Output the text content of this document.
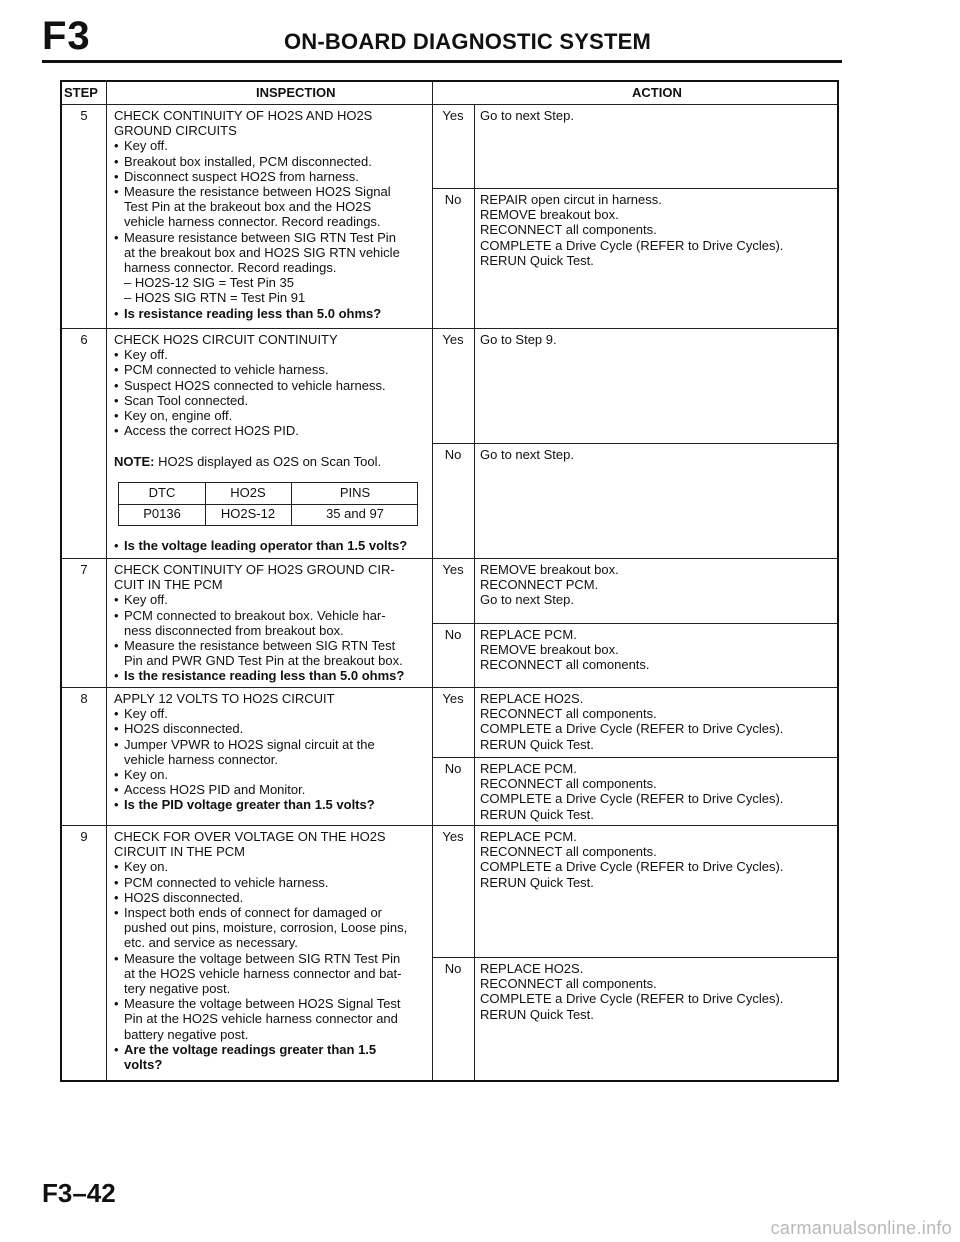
F3	ON-BOARD DIAGNOSTIC SYSTEM
STEP	INSPECTION	ACTION
5	CHECK CONTINUITY OF HO2S AND HO2S
GROUND CIRCUITS
• Key off.
• Breakout box installed, PCM disconnected.
• Disconnect suspect HO2S from harness.
• Measure the resistance between HO2S Signal
Test Pin at the brakeout box and the HO2S
vehicle harness connector. Record readings.
• Measure resistance between SIG RTN Test Pin
at the breakout box and HO2S SIG RTN vehicle
harness connector. Record readings.
– HO2S-12 SIG = Test Pin 35
– HO2S SIG RTN = Test Pin 91
• Is resistance reading less than 5.0 ohms?
Yes	Go to next Step.
No	REPAIR open circut in harness.
REMOVE breakout box.
RECONNECT all components.
COMPLETE a Drive Cycle (REFER to Drive Cycles).
RERUN Quick Test.
6	CHECK HO2S CIRCUIT CONTINUITY
• Key off.
• PCM connected to vehicle harness.
• Suspect HO2S connected to vehicle harness.
• Scan Tool connected.
• Key on, engine off.
• Access the correct HO2S PID.
NOTE: HO2S displayed as O2S on Scan Tool.
DTC	HO2S	PINS
P0136	HO2S-12	35 and 97
• Is the voltage leading operator than 1.5 volts?
Yes	Go to Step 9.
No	Go to next Step.
7	CHECK CONTINUITY OF HO2S GROUND CIR-
CUIT IN THE PCM
• Key off.
• PCM connected to breakout box. Vehicle har-
ness disconnected from breakout box.
• Measure the resistance between SIG RTN Test
Pin and PWR GND Test Pin at the breakout box.
• Is the resistance reading less than 5.0 ohms?
Yes	REMOVE breakout box.
RECONNECT PCM.
Go to next Step.
No	REPLACE PCM.
REMOVE breakout box.
RECONNECT all comonents.
8	APPLY 12 VOLTS TO HO2S CIRCUIT
• Key off.
• HO2S disconnected.
• Jumper VPWR to HO2S signal circuit at the
vehicle harness connector.
• Key on.
• Access HO2S PID and Monitor.
• Is the PID voltage greater than 1.5 volts?
Yes	REPLACE HO2S.
RECONNECT all components.
COMPLETE a Drive Cycle (REFER to Drive Cycles).
RERUN Quick Test.
No	REPLACE PCM.
RECONNECT all components.
COMPLETE a Drive Cycle (REFER to Drive Cycles).
RERUN Quick Test.
9	CHECK FOR OVER VOLTAGE ON THE HO2S
CIRCUIT IN THE PCM
• Key on.
• PCM connected to vehicle harness.
• HO2S disconnected.
• Inspect both ends of connect for damaged or
pushed out pins, moisture, corrosion, Loose pins,
etc. and service as necessary.
• Measure the voltage between SIG RTN Test Pin
at the HO2S vehicle harness connector and bat-
tery negative post.
• Measure the voltage between HO2S Signal Test
Pin at the HO2S vehicle harness connector and
battery negative post.
• Are the voltage readings greater than 1.5
volts?
Yes	REPLACE PCM.
RECONNECT all components.
COMPLETE a Drive Cycle (REFER to Drive Cycles).
RERUN Quick Test.
No	REPLACE HO2S.
RECONNECT all components.
COMPLETE a Drive Cycle (REFER to Drive Cycles).
RERUN Quick Test.
F3–42
carmanualsonline.info
